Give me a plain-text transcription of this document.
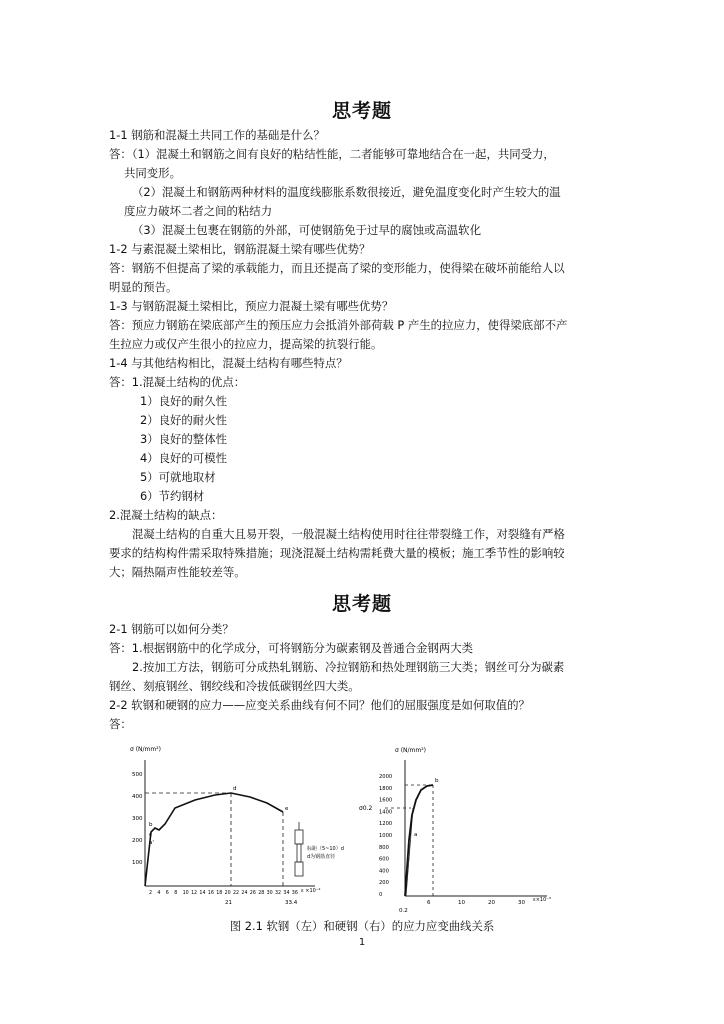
思考题
1-1 钢筋和混凝土共同工作的基础是什么？
答：（1）混凝土和钢筋之间有良好的粘结性能，二者能够可靠地结合在一起，共同受力，
共同变形。
（2）混凝土和钢筋两种材料的温度线膨胀系数很接近，避免温度变化时产生较大的温
度应力破坏二者之间的粘结力
（3）混凝土包裹在钢筋的外部，可使钢筋免于过早的腐蚀或高温软化
1-2 与素混凝土梁相比，钢筋混凝土梁有哪些优势？
答：钢筋不但提高了梁的承载能力，而且还提高了梁的变形能力，使得梁在破坏前能给人以
明显的预告。
1-3 与钢筋混凝土梁相比，预应力混凝土梁有哪些优势？
答：预应力钢筋在梁底部产生的预压应力会抵消外部荷载 P 产生的拉应力，使得梁底部不产
生拉应力或仅产生很小的拉应力，提高梁的抗裂行能。
1-4 与其他结构相比，混凝土结构有哪些特点？
答：1.混凝土结构的优点：
1）良好的耐久性
2）良好的耐火性
3）良好的整体性
4）良好的可模性
5）可就地取材
6）节约钢材
2.混凝土结构的缺点：
混凝土结构的自重大且易开裂，一般混凝土结构使用时往往带裂缝工作，对裂缝有严格
要求的结构构件需采取特殊措施；现浇混凝土结构需耗费大量的模板；施工季节性的影响较
大；隔热隔声性能较差等。
思考题
2-1 钢筋可以如何分类？
答：1.根据钢筋中的化学成分，可将钢筋分为碳素钢及普通合金钢两大类
2.按加工方法，钢筋可分成热轧钢筋、冷拉钢筋和热处理钢筋三大类；钢丝可分为碳素
钢丝、刻痕钢丝、钢绞线和冷拔低碳钢丝四大类。
2-2 软钢和硬钢的应力——应变关系曲线有何不同？他们的屈服强度是如何取值的？
答：
σ (N/mm²)
500
400
300
200
100
2 4 6 8 10 12 14 16 18 20 22 24 26 28 30 32 34 36 ε ×10⁻²
21	33.4
b
c
a'
d
e
标距（5~10）d
d为钢筋直径
σ (N/mm²)
2000
1800
1600
1400
1200
1000
800
600
400
200
0
6	10	20	30 ε×10⁻³
0.2
σ0.2
a
b
图 2.1 软钢（左）和硬钢（右）的应力应变曲线关系
1
